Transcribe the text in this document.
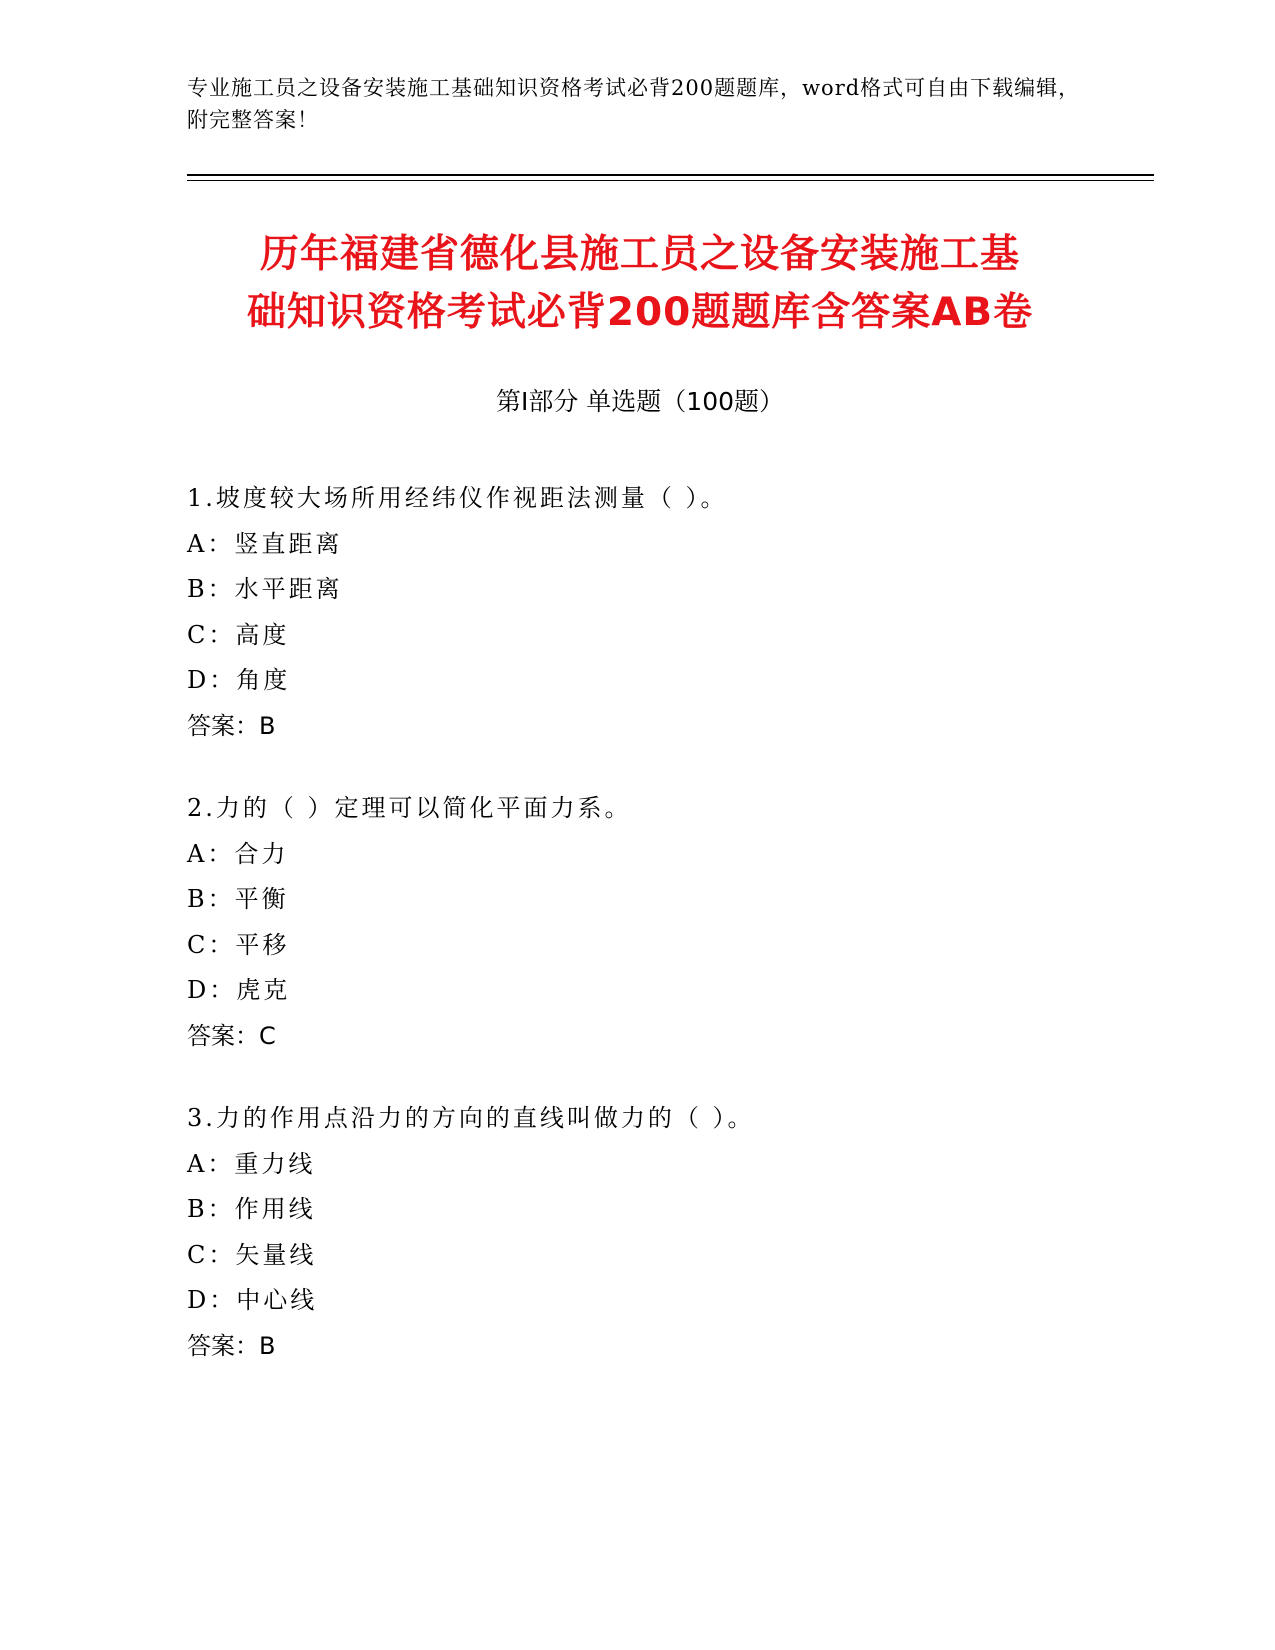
专业施工员之设备安装施工基础知识资格考试必背200题题库，word格式可自由下载编辑，附完整答案！
历年福建省德化县施工员之设备安装施工基
础知识资格考试必背200题题库含答案AB卷
第Ⅰ部分 单选题（100题）
1.坡度较大场所用经纬仪作视距法测量（ ）。
A：竖直距离
B：水平距离
C：高度
D：角度
答案：B
2.力的（ ）定理可以简化平面力系。
A：合力
B：平衡
C：平移
D：虎克
答案：C
3.力的作用点沿力的方向的直线叫做力的（ ）。
A：重力线
B：作用线
C：矢量线
D：中心线
答案：B
